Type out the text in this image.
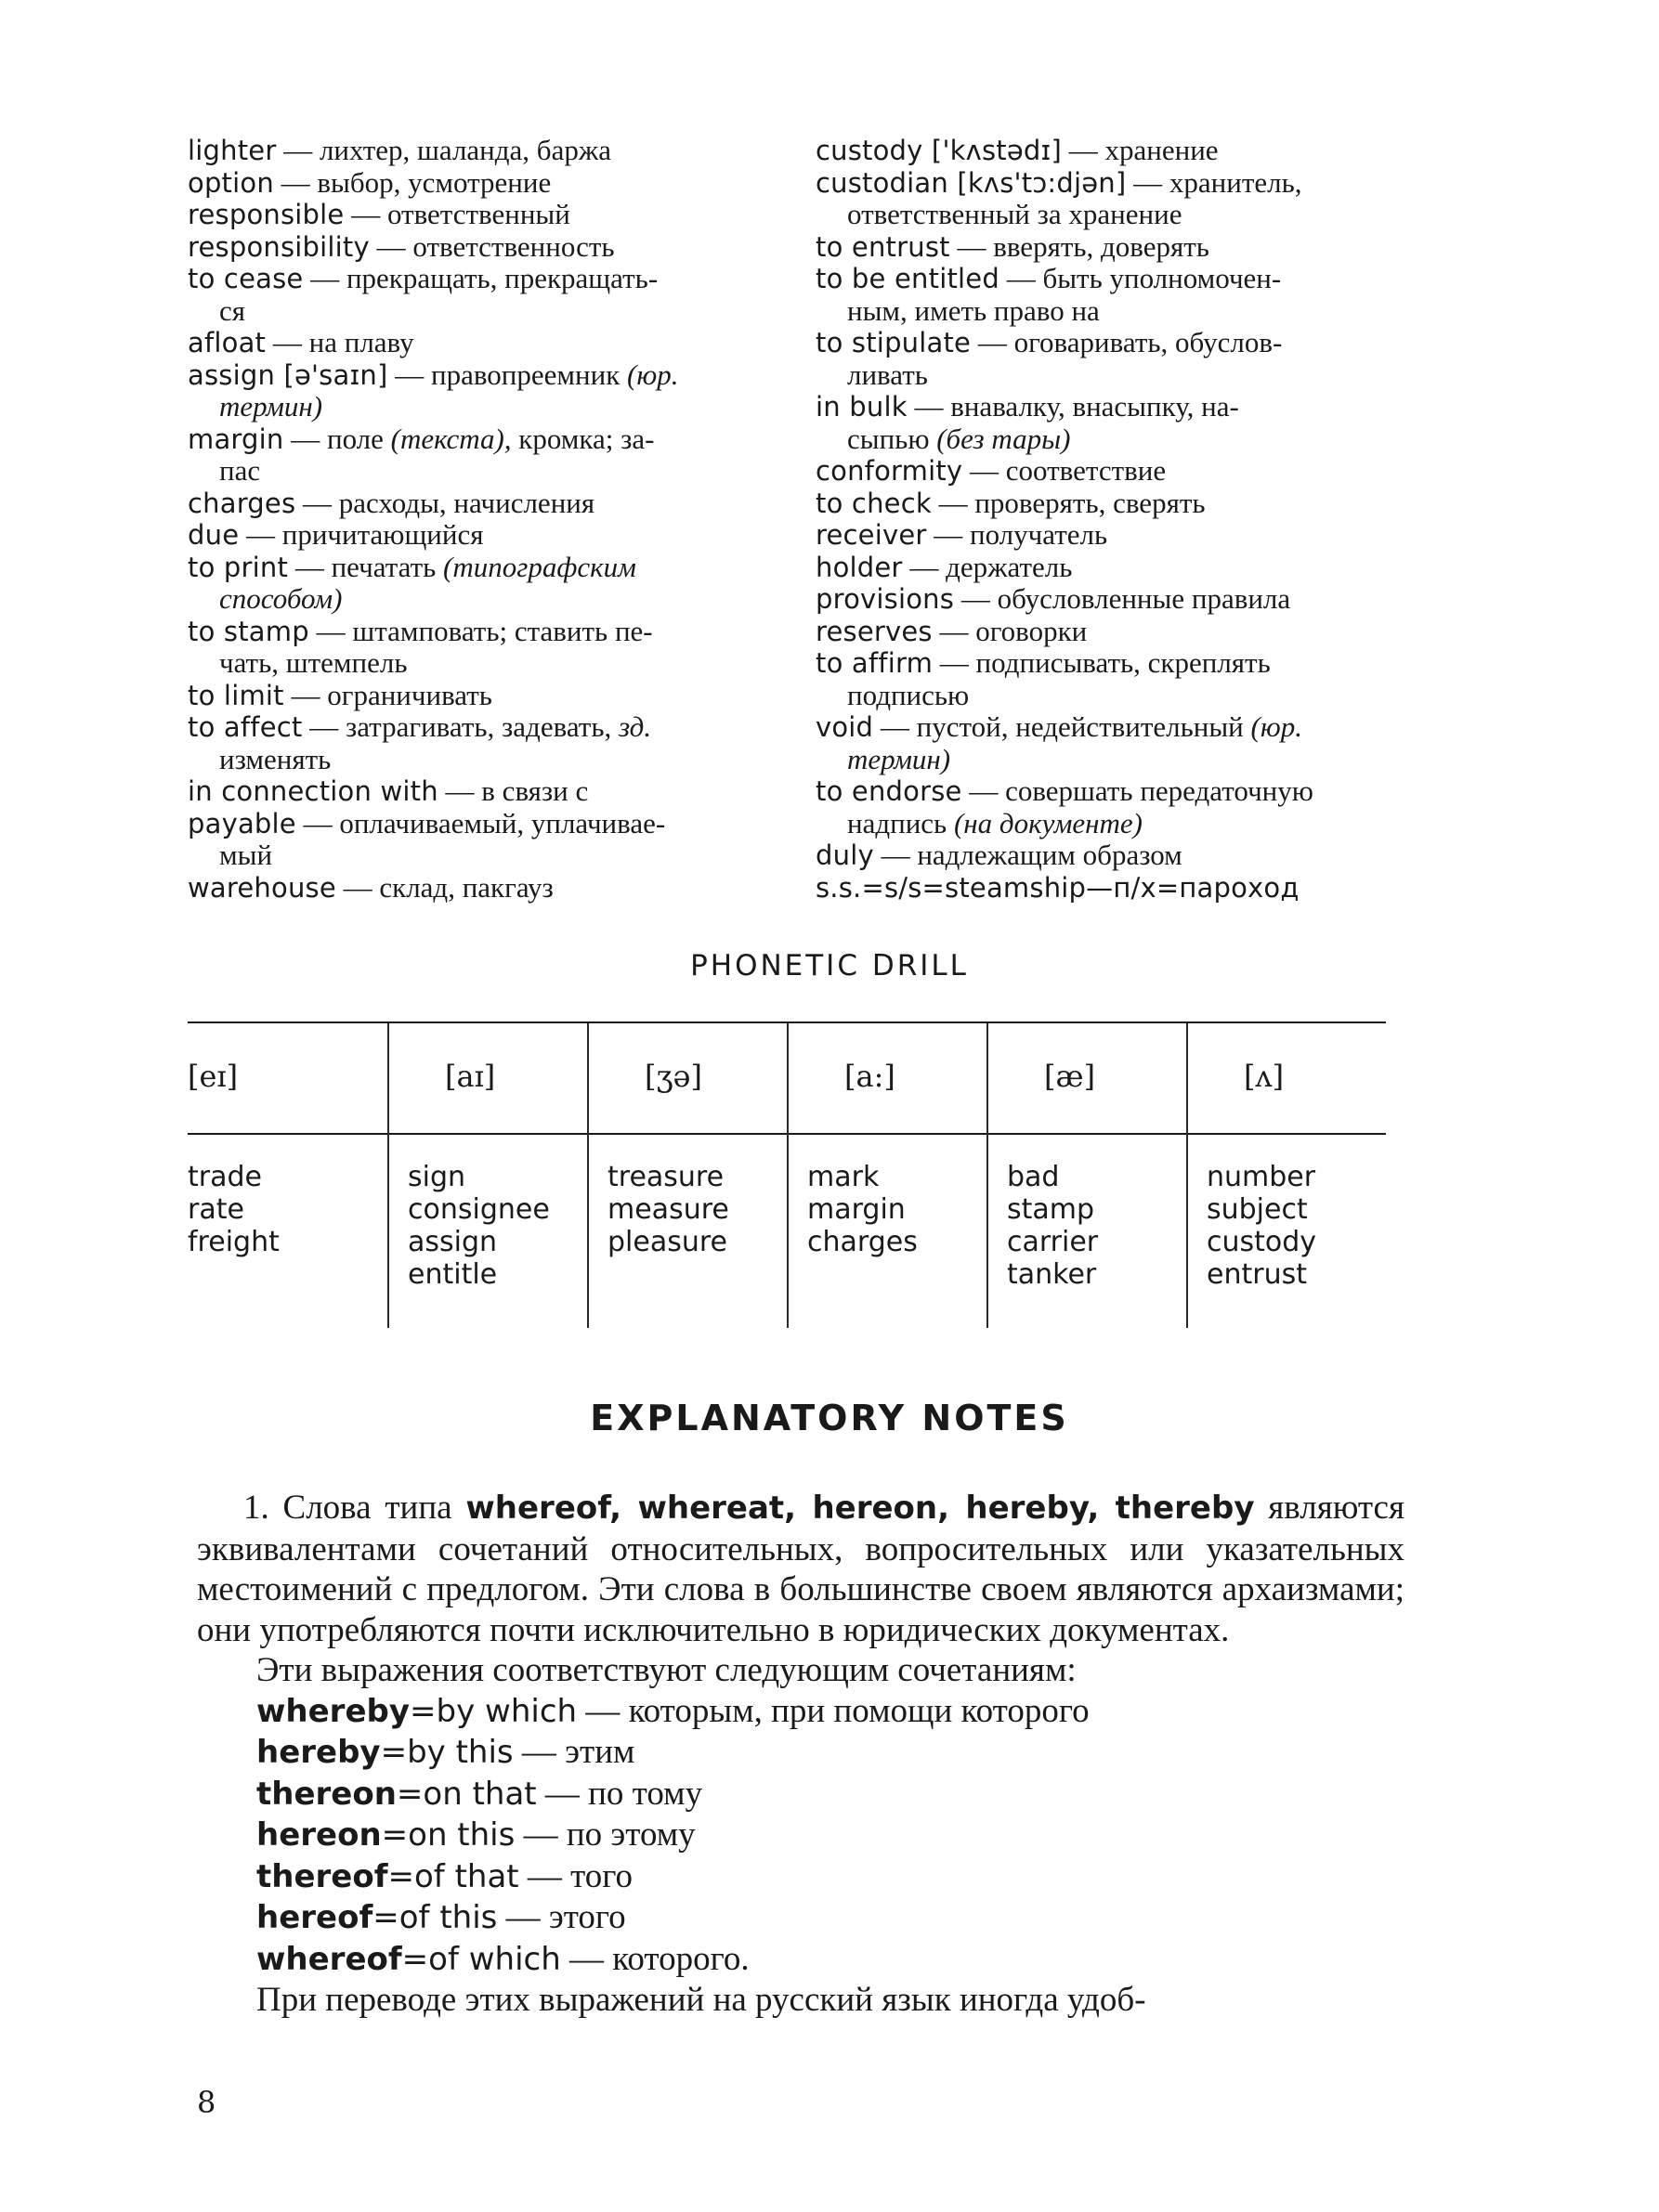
lighter — лихтер, шаланда, баржа
option — выбор, усмотрение
responsible — ответственный
responsibility — ответственность
to cease — прекращать, прекращать-
ся
afloat — на плаву
assign [ə'saɪn] — правопреемник (юр.
термин)
margin — поле (текста), кромка; за-
пас
charges — расходы, начисления
due — причитающийся
to print — печатать (типографским
способом)
to stamp — штамповать; ставить пе-
чать, штемпель
to limit — ограничивать
to affect — затрагивать, задевать, зд.
изменять
in connection with — в связи с
payable — оплачиваемый, уплачивае-
мый
warehouse — склад, пакгауз
custody ['kʌstədɪ] — хранение
custodian [kʌs'tɔ:djən] — хранитель,
ответственный за хранение
to entrust — вверять, доверять
to be entitled — быть уполномочен-
ным, иметь право на
to stipulate — оговаривать, обуслов-
ливать
in bulk — внавалку, внасыпку, на-
сыпью (без тары)
conformity — соответствие
to check — проверять, сверять
receiver — получатель
holder — держатель
provisions — обусловленные правила
reserves — оговорки
to affirm — подписывать, скреплять
подписью
void — пустой, недействительный (юр.
термин)
to endorse — совершать передаточную
надпись (на документе)
duly — надлежащим образом
s.s.=s/s=steamship—п/х=пароход
PHONETIC DRILL
[eɪ]
trade
rate
freight
[aɪ]
sign
consignee
assign
entitle
[ʒə]
treasure
measure
pleasure
[a:]
mark
margin
charges
[æ]
bad
stamp
carrier
tanker
[ʌ]
number
subject
custody
entrust
EXPLANATORY NOTES

1. Слова типа whereof, whereat, hereon, hereby, thereby являются эквивалентами сочетаний относительных, вопросительных или указательных местоимений с предлогом. Эти слова в большинстве своем являются архаизмами; они употребляются почти исключительно в юридических документах.

Эти выражения соответствуют следующим сочетаниям:

whereby=by which — которым, при помощи которого
hereby=by this — этим
thereon=on that — по тому
hereon=on this — по этому
thereof=of that — того
hereof=of this — этого
whereof=of which — которого.

При переводе этих выражений на русский язык иногда удоб-

8
